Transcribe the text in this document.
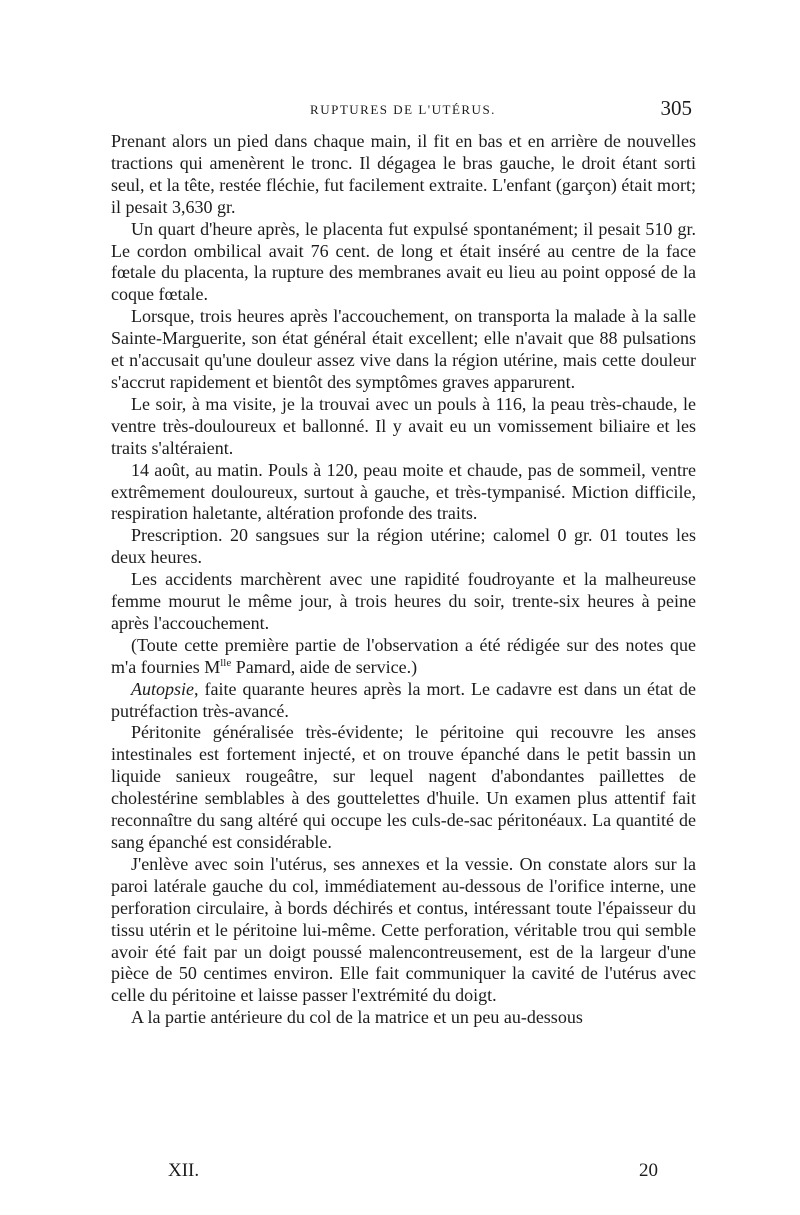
RUPTURES DE L'UTÉRUS.	305

Prenant alors un pied dans chaque main, il fit en bas et en arrière de nouvelles tractions qui amenèrent le tronc. Il dégagea le bras gauche, le droit étant sorti seul, et la tête, restée fléchie, fut facilement extraite. L'enfant (garçon) était mort; il pesait 3,630 gr.

Un quart d'heure après, le placenta fut expulsé spontanément; il pesait 510 gr. Le cordon ombilical avait 76 cent. de long et était inséré au centre de la face fœtale du placenta, la rupture des membranes avait eu lieu au point opposé de la coque fœtale.

Lorsque, trois heures après l'accouchement, on transporta la malade à la salle Sainte-Marguerite, son état général était excellent; elle n'avait que 88 pulsations et n'accusait qu'une douleur assez vive dans la région utérine, mais cette douleur s'accrut rapidement et bientôt des symptômes graves apparurent.

Le soir, à ma visite, je la trouvai avec un pouls à 116, la peau très-chaude, le ventre très-douloureux et ballonné. Il y avait eu un vomissement biliaire et les traits s'altéraient.

14 août, au matin. Pouls à 120, peau moite et chaude, pas de sommeil, ventre extrêmement douloureux, surtout à gauche, et très-tympanisé. Miction difficile, respiration haletante, altération profonde des traits.

Prescription. 20 sangsues sur la région utérine; calomel 0 gr. 01 toutes les deux heures.

Les accidents marchèrent avec une rapidité foudroyante et la malheureuse femme mourut le même jour, à trois heures du soir, trente-six heures à peine après l'accouchement.

(Toute cette première partie de l'observation a été rédigée sur des notes que m'a fournies $M^{lle}$ Pamard, aide de service.)

Autopsie, faite quarante heures après la mort. Le cadavre est dans un état de putréfaction très-avancé.

Péritonite généralisée très-évidente; le péritoine qui recouvre les anses intestinales est fortement injecté, et on trouve épanché dans le petit bassin un liquide sanieux rougeâtre, sur lequel nagent d'abondantes paillettes de cholestérine semblables à des gouttelettes d'huile. Un examen plus attentif fait reconnaître du sang altéré qui occupe les culs-de-sac péritonéaux. La quantité de sang épanché est considérable.

J'enlève avec soin l'utérus, ses annexes et la vessie. On constate alors sur la paroi latérale gauche du col, immédiatement au-dessous de l'orifice interne, une perforation circulaire, à bords déchirés et contus, intéressant toute l'épaisseur du tissu utérin et le péritoine lui-même. Cette perforation, véritable trou qui semble avoir été fait par un doigt poussé malencontreusement, est de la largeur d'une pièce de 50 centimes environ. Elle fait communiquer la cavité de l'utérus avec celle du péritoine et laisse passer l'extrémité du doigt.

A la partie antérieure du col de la matrice et un peu au-dessous

XII.	20
